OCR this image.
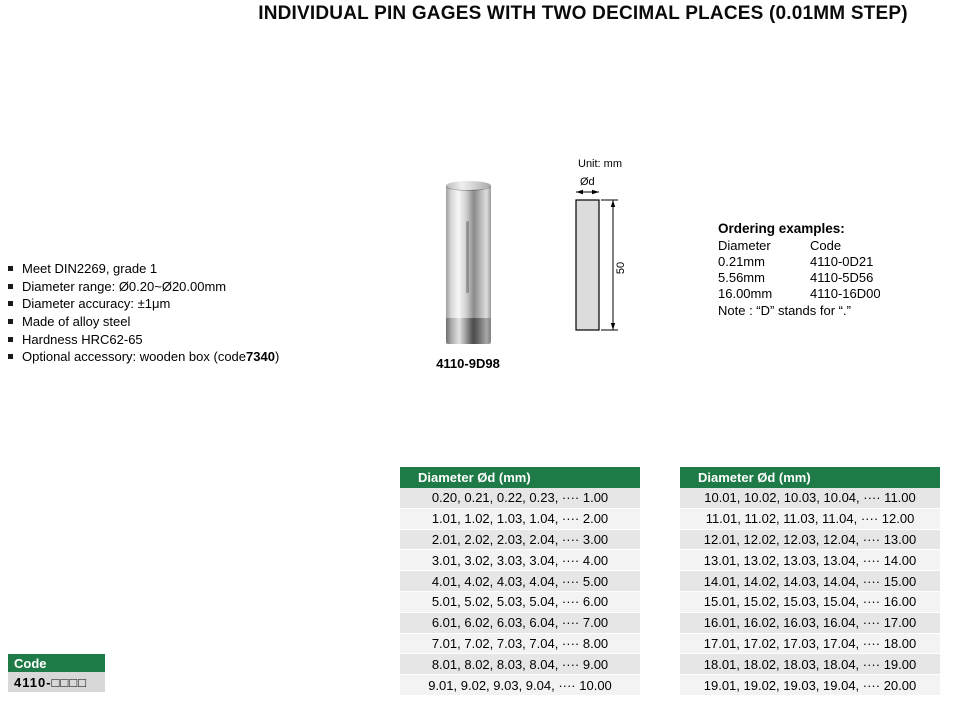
INDIVIDUAL PIN GAGES WITH TWO DECIMAL PLACES (0.01MM STEP)
Meet DIN2269, grade 1
Diameter range: Ø0.20~Ø20.00mm
Diameter accuracy: ±1μm
Made of alloy steel
Hardness HRC62-65
Optional accessory: wooden box (code 7340 )	4110-9D98
Unit: mm
Ød
50
Ordering examples:
Diameter	Code
0.21mm	4110-0D21
5.56mm	4110-5D56
16.00mm	4110-16D00
Note : “D” stands for “.”
Code
4110-□□□□
Diameter Ød (mm)
0.20, 0.21, 0.22, 0.23, ···· 1.00
1.01, 1.02, 1.03, 1.04, ···· 2.00
2.01, 2.02, 2.03, 2.04, ···· 3.00
3.01, 3.02, 3.03, 3.04, ···· 4.00
4.01, 4.02, 4.03, 4.04, ···· 5.00
5.01, 5.02, 5.03, 5.04, ···· 6.00
6.01, 6.02, 6.03, 6.04, ···· 7.00
7.01, 7.02, 7.03, 7.04, ···· 8.00
8.01, 8.02, 8.03, 8.04, ···· 9.00
9.01, 9.02, 9.03, 9.04, ···· 10.00
Diameter Ød (mm)
10.01, 10.02, 10.03, 10.04, ···· 11.00
11.01, 11.02, 11.03, 11.04, ···· 12.00
12.01, 12.02, 12.03, 12.04, ···· 13.00
13.01, 13.02, 13.03, 13.04, ···· 14.00
14.01, 14.02, 14.03, 14.04, ···· 15.00
15.01, 15.02, 15.03, 15.04, ···· 16.00
16.01, 16.02, 16.03, 16.04, ···· 17.00
17.01, 17.02, 17.03, 17.04, ···· 18.00
18.01, 18.02, 18.03, 18.04, ···· 19.00
19.01, 19.02, 19.03, 19.04, ···· 20.00
